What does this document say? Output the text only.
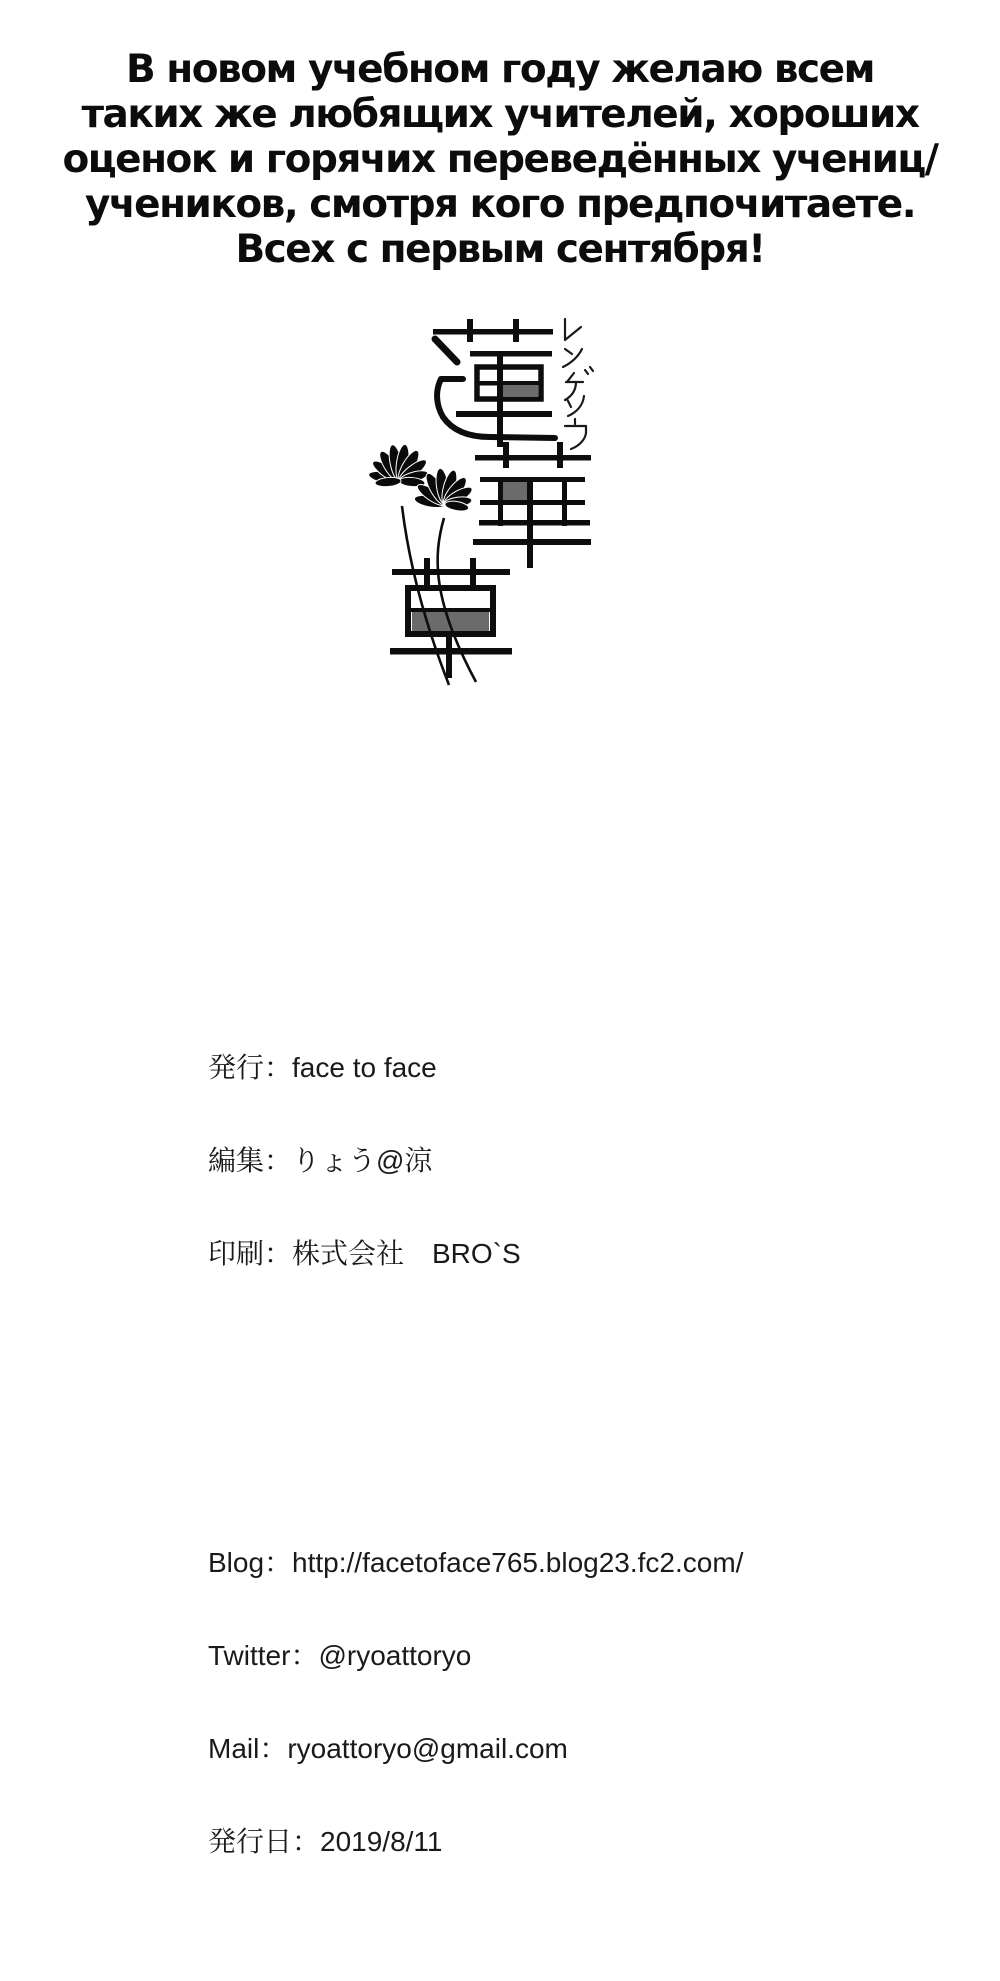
В новом учебном году желаю всем
таких же любящих учителей, хороших
оценок и горячих переведённых учениц/
учеников, смотря кого предпочитаете.
Всех с первым сентября!

発行：face to face

編集：りょう@涼

印刷：株式会社　BRO`S

Blog：http://facetoface765.blog23.fc2.com/

Twitter：@ryoattoryo

Mail：ryoattoryo@gmail.com

発行日：2019/8/11
